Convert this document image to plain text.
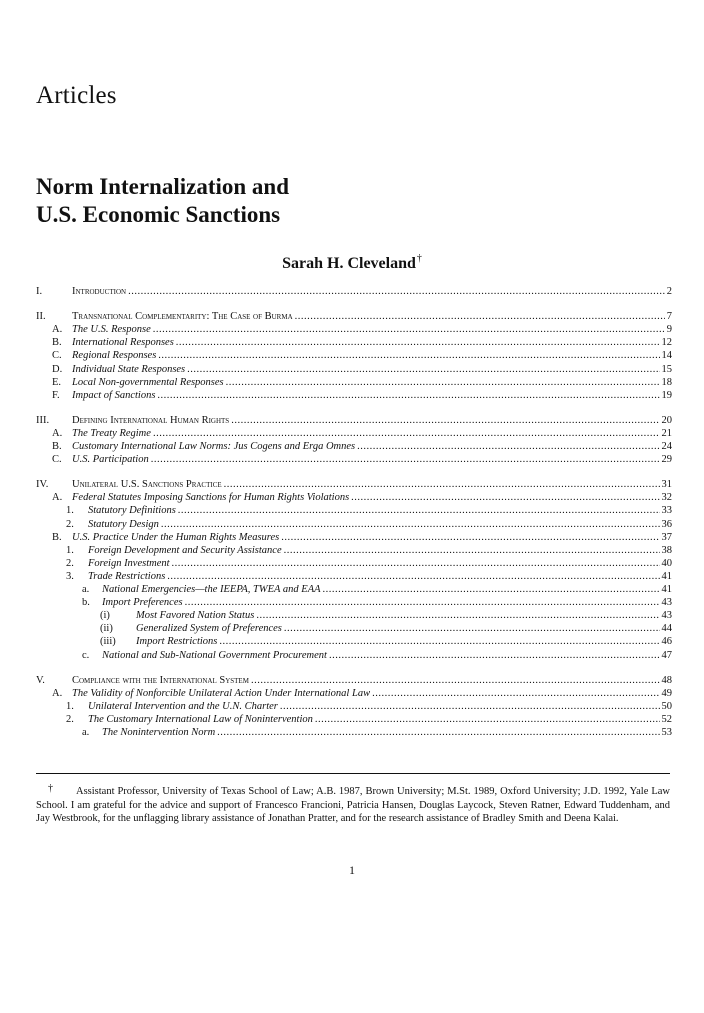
Articles
Norm Internalization and
U.S. Economic Sanctions
Sarah H. Cleveland†
I.	Introduction .....	2
II.	Transnational Complementarity: The Case of Burma .....	7
A. The U.S. Response .....	9
B. International Responses .....	12
C. Regional Responses .....	14
D. Individual State Responses .....	15
E. Local Non-governmental Responses .....	18
F. Impact of Sanctions .....	19
III. Defining International Human Rights .....	20
A. The Treaty Regime .....	21
B. Customary International Law Norms: Jus Cogens and Erga Omnes .....	24
C. U.S. Participation .....	29
IV. Unilateral U.S. Sanctions Practice .....	31
A. Federal Statutes Imposing Sanctions for Human Rights Violations .....	32
1. Statutory Definitions .....	33
2. Statutory Design .....	36
B. U.S. Practice Under the Human Rights Measures .....	37
1. Foreign Development and Security Assistance .....	38
2. Foreign Investment .....	40
3. Trade Restrictions .....	41
a. National Emergencies—the IEEPA, TWEA and EAA .....	41
b. Import Preferences .....	43
(i) Most Favored Nation Status .....	43
(ii) Generalized System of Preferences .....	44
(iii) Import Restrictions .....	46
c. National and Sub-National Government Procurement .....	47
V.	Compliance with the International System .....	48
A. The Validity of Nonforcible Unilateral Action Under International Law .....	49
1. Unilateral Intervention and the U.N. Charter .....	50
2. The Customary International Law of Nonintervention .....	52
a. The Nonintervention Norm .....	53
† Assistant Professor, University of Texas School of Law; A.B. 1987, Brown University; M.St. 1989, Oxford University; J.D. 1992, Yale Law School. I am grateful for the advice and support of Francesco Francioni, Patricia Hansen, Douglas Laycock, Steven Ratner, Edward Tuddenham, and Jay Westbrook, for the unflagging library assistance of Jonathan Pratter, and for the research assistance of Bradley Smith and Deena Kalai.
1
